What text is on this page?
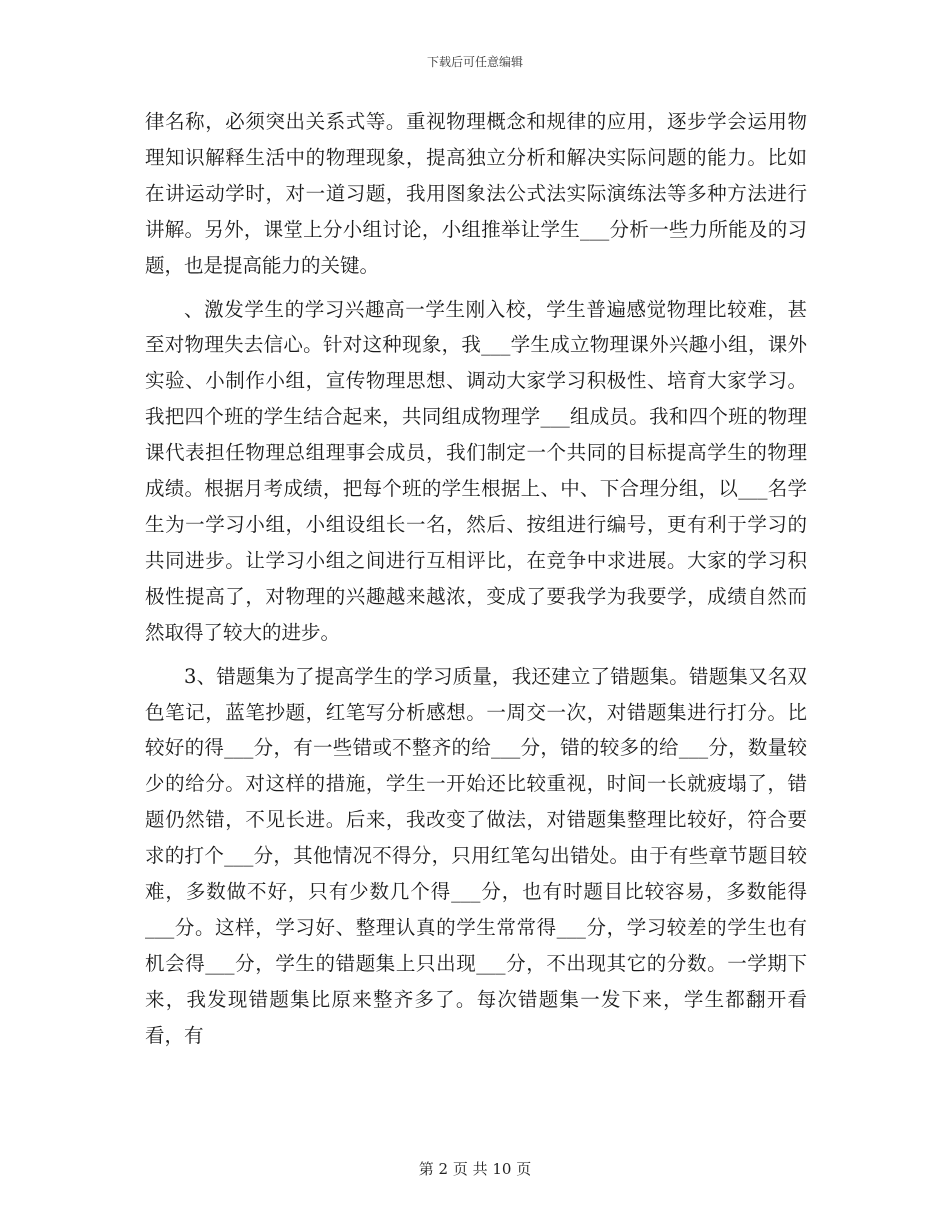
下载后可任意编辑

律名称，必须突出关系式等。重视物理概念和规律的应用，逐步学会运用物理知识解释生活中的物理现象，提高独立分析和解决实际问题的能力。比如在讲运动学时，对一道习题，我用图象法公式法实际演练法等多种方法进行讲解。另外，课堂上分小组讨论，小组推举让学生___分析一些力所能及的习题，也是提高能力的关键。

、激发学生的学习兴趣高一学生刚入校，学生普遍感觉物理比较难，甚至对物理失去信心。针对这种现象，我___学生成立物理课外兴趣小组，课外实验、小制作小组，宣传物理思想、调动大家学习积极性、培育大家学习。我把四个班的学生结合起来，共同组成物理学___组成员。我和四个班的物理课代表担任物理总组理事会成员，我们制定一个共同的目标提高学生的物理成绩。根据月考成绩，把每个班的学生根据上、中、下合理分组，以___名学生为一学习小组，小组设组长一名，然后、按组进行编号，更有利于学习的共同进步。让学习小组之间进行互相评比，在竞争中求进展。大家的学习积极性提高了，对物理的兴趣越来越浓，变成了要我学为我要学，成绩自然而然取得了较大的进步。

3、错题集为了提高学生的学习质量，我还建立了错题集。错题集又名双色笔记，蓝笔抄题，红笔写分析感想。一周交一次，对错题集进行打分。比较好的得___分，有一些错或不整齐的给___分，错的较多的给___分，数量较少的给分。对这样的措施，学生一开始还比较重视，时间一长就疲塌了，错题仍然错，不见长进。后来，我改变了做法，对错题集整理比较好，符合要求的打个___分，其他情况不得分，只用红笔勾出错处。由于有些章节题目较难，多数做不好，只有少数几个得___分，也有时题目比较容易，多数能得___分。这样，学习好、整理认真的学生常常得___分，学习较差的学生也有机会得___分，学生的错题集上只出现___分，不出现其它的分数。一学期下来，我发现错题集比原来整齐多了。每次错题集一发下来，学生都翻开看看，有

第 2 页 共 10 页
